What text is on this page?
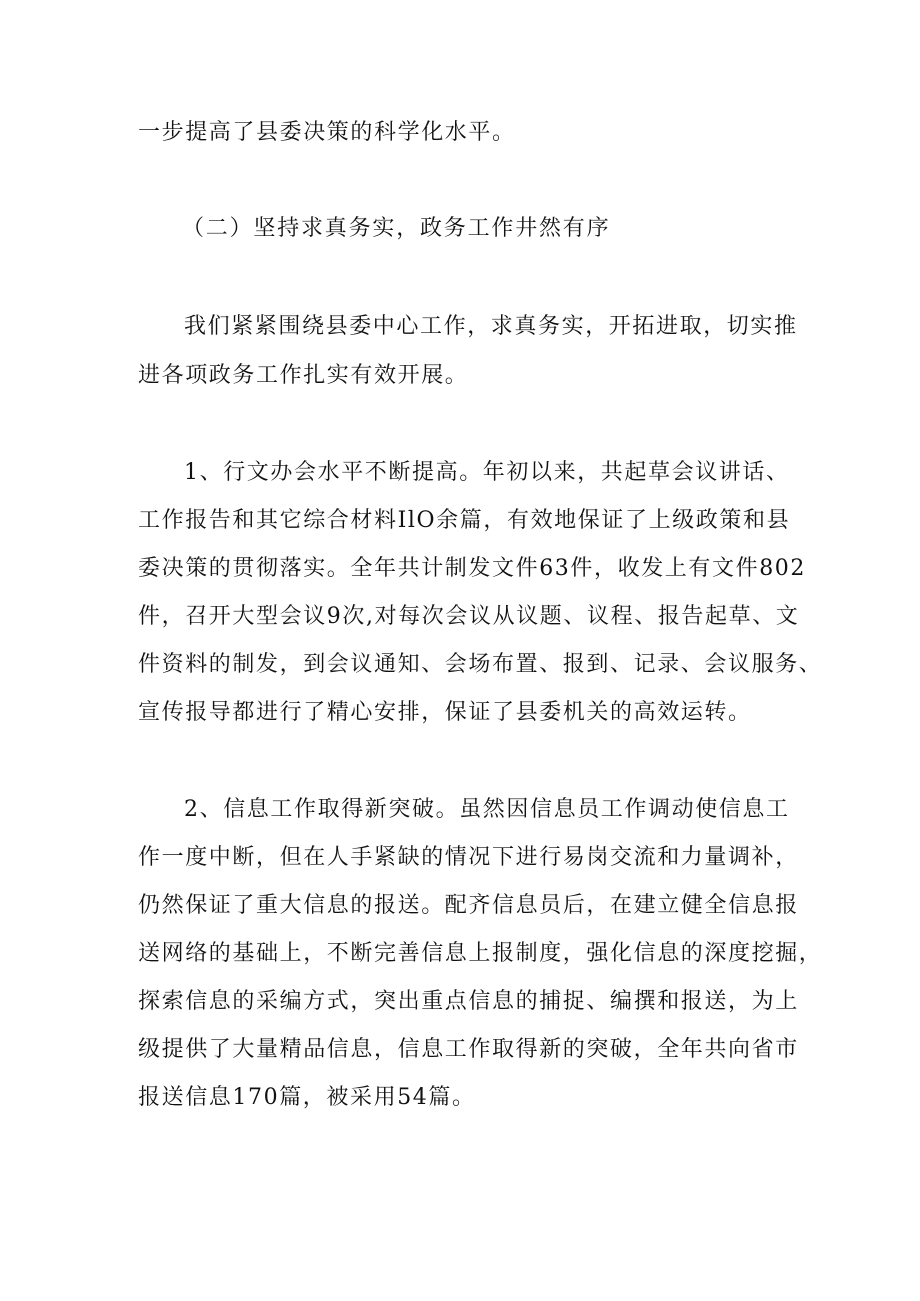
一步提高了县委决策的科学化水平。
（二）坚持求真务实，政务工作井然有序
我们紧紧围绕县委中心工作，求真务实，开拓进取，切实推
进各项政务工作扎实有效开展。
1、行文办会水平不断提高。年初以来，共起草会议讲话、
工作报告和其它综合材料IlO余篇，有效地保证了上级政策和县
委决策的贯彻落实。全年共计制发文件63件，收发上有文件802
件，召开大型会议9次,对每次会议从议题、议程、报告起草、文
件资料的制发，到会议通知、会场布置、报到、记录、会议服务、
宣传报导都进行了精心安排，保证了县委机关的高效运转。
2、信息工作取得新突破。虽然因信息员工作调动使信息工
作一度中断，但在人手紧缺的情况下进行易岗交流和力量调补，
仍然保证了重大信息的报送。配齐信息员后，在建立健全信息报
送网络的基础上，不断完善信息上报制度，强化信息的深度挖掘，
探索信息的采编方式，突出重点信息的捕捉、编撰和报送，为上
级提供了大量精品信息，信息工作取得新的突破，全年共向省市
报送信息170篇，被采用54篇。
